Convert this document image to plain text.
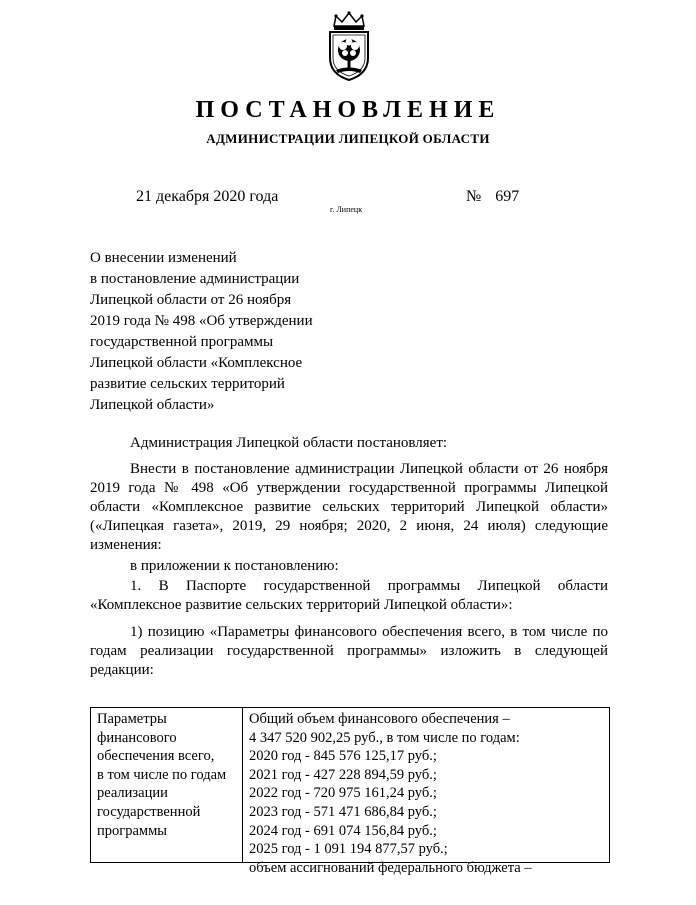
ПОСТАНОВЛЕНИЕ
АДМИНИСТРАЦИИ ЛИПЕЦКОЙ ОБЛАСТИ
21 декабря 2020 года
г. Липецк
№ 697
О внесении изменений
в постановление администрации
Липецкой области от 26 ноября
2019 года № 498 «Об утверждении
государственной программы
Липецкой области «Комплексное
развитие сельских территорий
Липецкой области»
Администрация Липецкой области постановляет:
Внести в постановление администрации Липецкой области от 26 ноября 2019 года № 498 «Об утверждении государственной программы Липецкой области «Комплексное развитие сельских территорий Липецкой области» («Липецкая газета», 2019, 29 ноября; 2020, 2 июня, 24 июля) следующие изменения:
в приложении к постановлению:
1. В Паспорте государственной программы Липецкой области «Комплексное развитие сельских территорий Липецкой области»:
1) позицию «Параметры финансового обеспечения всего, в том числе по годам реализации государственной программы» изложить в следующей редакции:
Параметры
финансового
обеспечения всего,
в том числе по годам
реализации
государственной
программы
Общий объем финансового обеспечения –
4 347 520 902,25 руб., в том числе по годам:
2020 год - 845 576 125,17 руб.;
2021 год - 427 228 894,59 руб.;
2022 год - 720 975 161,24 руб.;
2023 год - 571 471 686,84 руб.;
2024 год - 691 074 156,84 руб.;
2025 год - 1 091 194 877,57 руб.;
объем ассигнований федерального бюджета –
